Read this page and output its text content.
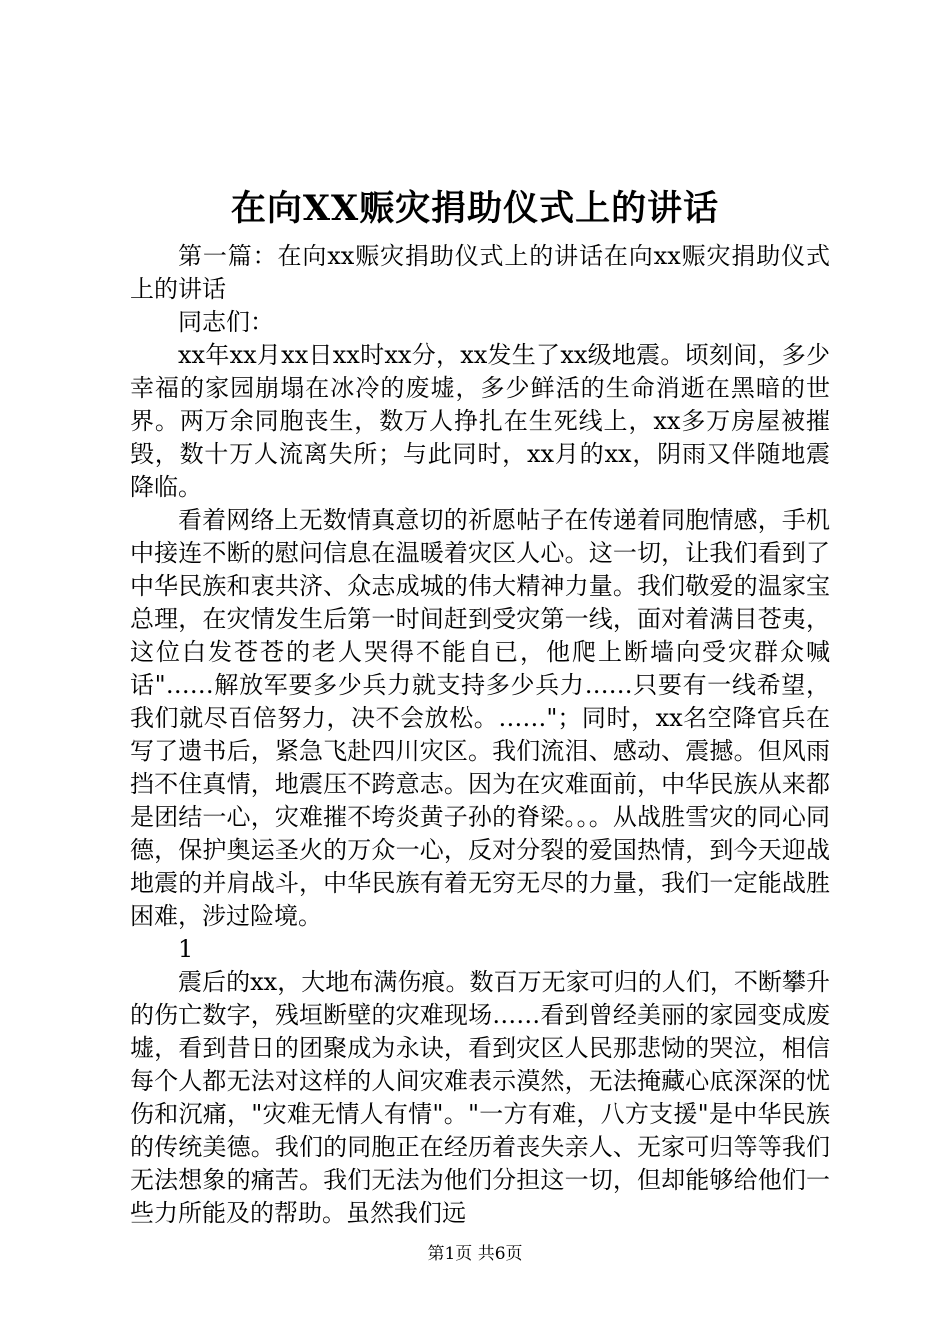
在向XX赈灾捐助仪式上的讲话

第一篇：在向xx赈灾捐助仪式上的讲话在向xx赈灾捐助仪式上的讲话

同志们：

xx年xx月xx日xx时xx分，xx发生了xx级地震。顷刻间，多少幸福的家园崩塌在冰冷的废墟，多少鲜活的生命消逝在黑暗的世界。两万余同胞丧生，数万人挣扎在生死线上，xx多万房屋被摧毁，数十万人流离失所；与此同时，xx月的xx，阴雨又伴随地震降临。

看着网络上无数情真意切的祈愿帖子在传递着同胞情感，手机中接连不断的慰问信息在温暖着灾区人心。这一切，让我们看到了中华民族和衷共济、众志成城的伟大精神力量。我们敬爱的温家宝总理，在灾情发生后第一时间赶到受灾第一线，面对着满目苍夷，这位白发苍苍的老人哭得不能自已，他爬上断墙向受灾群众喊话"……解放军要多少兵力就支持多少兵力……只要有一线希望，我们就尽百倍努力，决不会放松。……"；同时，xx名空降官兵在写了遗书后，紧急飞赴四川灾区。我们流泪、感动、震撼。但风雨挡不住真情，地震压不跨意志。因为在灾难面前，中华民族从来都是团结一心，灾难摧不垮炎黄子孙的脊梁。。。从战胜雪灾的同心同德，保护奥运圣火的万众一心，反对分裂的爱国热情，到今天迎战地震的并肩战斗，中华民族有着无穷无尽的力量，我们一定能战胜困难，涉过险境。

1

震后的xx，大地布满伤痕。数百万无家可归的人们，不断攀升的伤亡数字，残垣断壁的灾难现场……看到曾经美丽的家园变成废墟，看到昔日的团聚成为永诀，看到灾区人民那悲恸的哭泣，相信每个人都无法对这样的人间灾难表示漠然，无法掩藏心底深深的忧伤和沉痛，"灾难无情人有情"。"一方有难，八方支援"是中华民族的传统美德。我们的同胞正在经历着丧失亲人、无家可归等等我们无法想象的痛苦。我们无法为他们分担这一切，但却能够给他们一些力所能及的帮助。虽然我们远

第1页 共6页
